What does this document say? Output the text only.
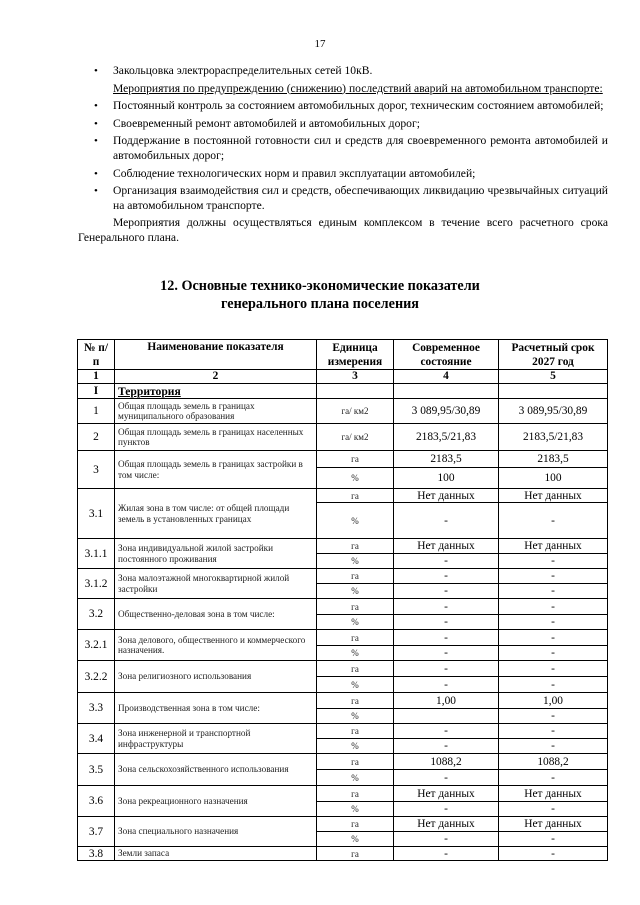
17
• Закольцовка электрораспределительных сетей 10кВ.
Мероприятия по предупреждению (снижению) последствий аварий на автомобильном транспорте:
• Постоянный контроль за состоянием автомобильных дорог, техническим состоянием автомобилей;
• Своевременный ремонт автомобилей и автомобильных дорог;
• Поддержание в постоянной готовности сил и средств для своевременного ремонта автомобилей и автомобильных дорог;
• Соблюдение технологических норм и правил эксплуатации автомобилей;
• Организация взаимодействия сил и средств, обеспечивающих ликвидацию чрезвычайных ситуаций на автомобильном транспорте.
Мероприятия должны осуществляться единым комплексом в течение всего расчетного срока Генерального плана.
12. Основные технико-экономические показатели
генерального плана поселения
№ п/п	Наименование показателя	Единица измерения	Современное состояние	Расчетный срок 2027 год
1	2	3	4	5
I	Территория			
1	Общая площадь земель в границах муниципального образования	га/ км2	3 089,95/30,89	3 089,95/30,89
2	Общая площадь земель в границах населенных пунктов	га/ км2	2183,5/21,83	2183,5/21,83
3	Общая площадь земель в границах застройки в том числе:	га	2183,5	2183,5
		%	100	100
3.1	Жилая зона в том числе: от общей площади земель в установленных границах	га	Нет данных	Нет данных
		%	-	-
3.1.1	Зона индивидуальной жилой застройки постоянного проживания	га	Нет данных	Нет данных
		%	-	-
3.1.2	Зона малоэтажной многоквартирной жилой застройки	га	-	-
		%	-	-
3.2	Общественно-деловая зона в том числе:	га	-	-
		%	-	-
3.2.1	Зона делового, общественного и коммерческого назначения.	га	-	-
		%	-	-
3.2.2	Зона религиозного использования	га	-	-
		%	-	-
3.3	Производственная зона в том числе:	га	1,00	1,00
		%		-
3.4	Зона инженерной и транспортной инфраструктуры	га	-	-
		%	-	-
3.5	Зона сельскохозяйственного использования	га	1088,2	1088,2
		%	-	-
3.6	Зона рекреационного назначения	га	Нет данных	Нет данных
		%	-	-
3.7	Зона специального назначения	га	Нет данных	Нет данных
		%	-	-
3.8	Земли запаса	га	-	-
